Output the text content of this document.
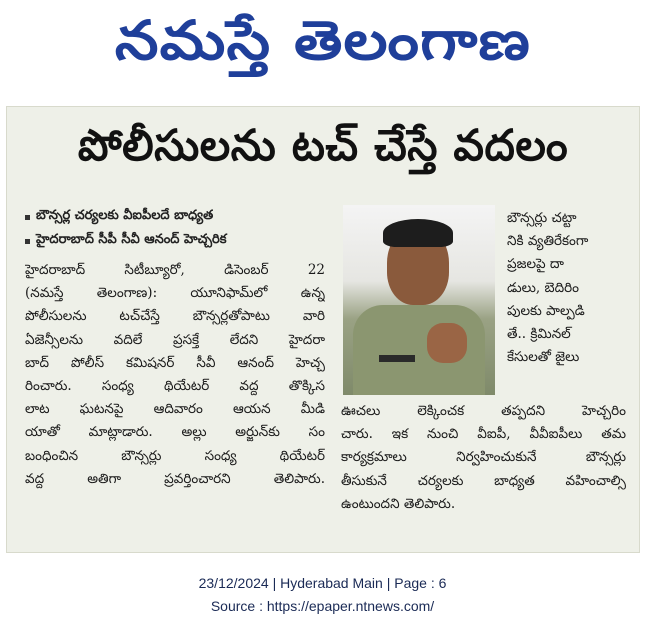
నమస్తే తెలంగాణ
పోలీసులను టచ్ చేస్తే వదలం
బౌన్సర్ల చర్యలకు వీఐపీలదే బాధ్యత
హైదరాబాద్ సీపీ సీవీ ఆనంద్ హెచ్చరిక
హైదరాబాద్ సిటీబ్యూరో, డిసెంబర్ 22
(నమస్తే తెలంగాణ): యూనిఫామ్‌లో ఉన్న
పోలీసులను టచ్‌చేస్తే బౌన్సర్లతోపాటు వారి
ఏజెన్సీలను వదిలే ప్రసక్తే లేదని హైదరా
బాద్ పోలీస్ కమిషనర్ సీవీ ఆనంద్ హెచ్చ
రించారు. సంధ్య థియేటర్ వద్ద తొక్కిస
లాట ఘటనపై ఆదివారం ఆయన మీడి
యాతో మాట్లాడారు. అల్లు అర్జున్‌కు సం
బంధించిన బౌన్సర్లు సంధ్య థియేటర్
వద్ద అతిగా ప్రవర్తించారని తెలిపారు.
బౌన్సర్లు చట్టా
నికి వ్యతిరేకంగా
ప్రజలపై దా
డులు, బెదిరిం
పులకు పాల్పడి
తే.. క్రిమినల్
కేసులతో జైలు
ఊచలు లెక్కించక తప్పదని హెచ్చరిం
చారు. ఇక నుంచి వీఐపీ, వీవీఐపీలు తమ
కార్యక్రమాలు నిర్వహించుకునే బౌన్సర్లు
తీసుకునే చర్యలకు బాధ్యత వహించాల్సి
ఉంటుందని తెలిపారు.
23/12/2024 | Hyderabad Main | Page : 6
Source : https://epaper.ntnews.com/
